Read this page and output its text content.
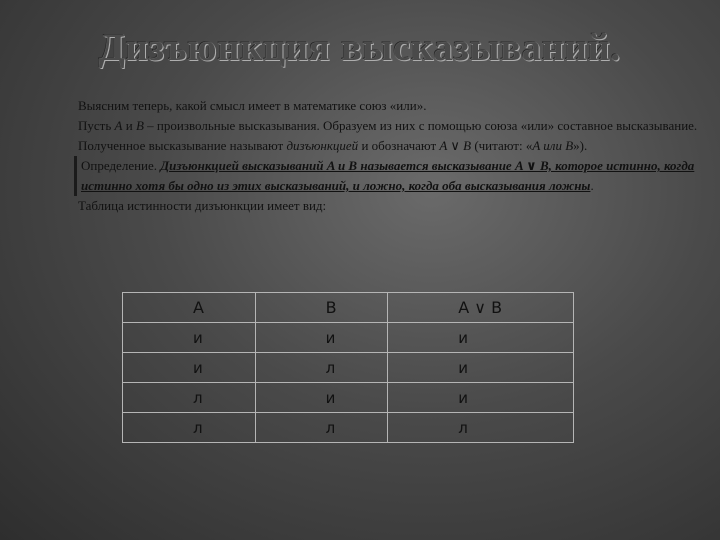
Дизъюнкция высказываний.

Выясним теперь, какой смысл имеет в математике союз «или».

Пусть A и B – произвольные высказывания. Образуем из них с помощью союза «или» составное высказывание. Полученное высказывание называют дизъюнкцией и обозначают A ∨ B (читают: «A или B»).

Определение. Дизъюнкцией высказываний A и B называется высказывание A ∨ B, которое истинно, когда истинно хотя бы одно из этих высказываний, и ложно, когда оба высказывания ложны.

Таблица истинности дизъюнкции имеет вид:

A	B	A ∨ B
и	и	и
и	л	и
л	и	и
л	л	л
